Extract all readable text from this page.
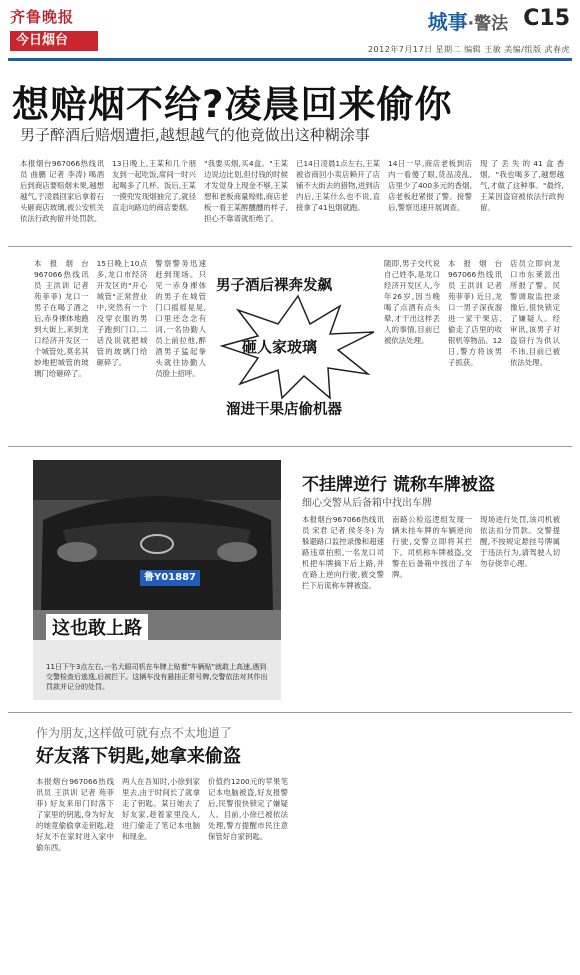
齐鲁晚报
今日烟台
城事·警法 C15
2012年7月17日 星期二 编辑 王敏 美编/组版 武春虎
想赔烟不给?凌晨回来偷你
男子醉酒后赔烟遭拒,越想越气的他竟做出这种糊涂事
本报烟台967066热线讯员 曲鹏 记者 李涛) 喝酒后到商店要赔烟未果,越想越气,于凌晨回家后拿着石头砸商店玻璃,被公安机关依法行政拘留并处罚款。
13日晚上,王某和几个朋友到一起吃饭,席间一时兴起喝多了几杯。饭后,王某一摸兜发现烟抽完了,就径直走向路边的商店要烟。
"我要买烟,买4盒。"王某边说边比划,但付钱的时候才发觉身上现金不够,王某想和老板商量赊账,商店老板一看王某醉醺醺的样子,担心不靠谱就拒绝了。
已14日凌晨1点左右,王某被省商回小卖店赖开了店铺不大街去的猎物,进到店内后,王某什么也不说,直接拿了41包烟就跑。
14日一早,商店老板到店内一看傻了眼,货品凌乱,店里少了400多元的香烟,店老板赶紧报了警。接警后,警察迅速开展调查。
现了丢失的41盒香烟。"我也喝多了,越想越气,才做了这种事。"最终,王某因盗窃被依法行政拘留。
本报烟台967066热线讯员 王洪训 记者 苑菲菲) 龙口一男子在喝了酒之后,赤身裸体地跑到大街上,来到龙口经济开发区一个城管处,莫名其妙地把城管的玻璃门给砸碎了。
15日晚上10点多,龙口市经济开发区的"开心城管"正常营业中,突然有一个没穿衣服的男子跑到门口,二话没说就把城管的玻璃门给砸碎了。
警察警务迅速赶到现场。只见一赤身裸体的男子在城管门口摇摇晃晃,口里还念念有词,一名协勤人员上前拉他,醉酒男子猛起拳头就往协勤人员脸上招呼。
男子酒后裸奔发飙
砸人家玻璃
溜进干果店偷机器
随即,男子交代说自己姓李,是龙口经济开发区人,今年26岁,因当晚喝了点酒有点头晕,才干出这样丢人的事情,目前已被依法处理。
本报烟台967066热线讯员 王洪训 记者 苑菲菲) 近日,龙口一男子深夜溜进一家干果店,偷走了店里的收银机等物品。12日,警方将该男子抓获。
店员立即向龙口市东莱派出所报了警。民警调取监控录像后,很快锁定了嫌疑人。经审讯,该男子对盗窃行为供认不讳,目前已被依法处理。
鲁Y01887
这也敢上路
11日下午3点左右,一名大眼司机在车牌上贴着"车辆贴"就敢上高速,遇到交警检查后逃逸,后被拦下。这辆车没有悬挂正常号牌,交警依法对其作出罚款并记分的处罚。
不挂牌逆行 谎称车牌被盗
细心交警从后备箱中找出车牌
本报烟台967066热线讯员 宋君 记者 侯冬冬) 为躲避路口监控录像和超速路违章拍照,一名龙口司机把车牌摘下后上路,并在路上逆向行驶,被交警拦下后谎称车牌被盗。
南路公检巡逻组发现一辆未挂车牌的车辆逆向行驶,交警立即将其拦下。司机称车牌被盗,交警在后备箱中找出了车牌。
现场进行处罚,该司机被依法扣分罚款。交警提醒,不按规定悬挂号牌属于违法行为,请驾驶人切勿存侥幸心理。
作为朋友,这样做可就有点不太地道了
好友落下钥匙,她拿来偷盗
本报烟台967066热线讯员 王洪训 记者 苑菲菲) 好友来串门时落下了家里的钥匙,身为好友的她竟偷偷拿走钥匙,趁好友不在家时进入家中偷东西。
两人在吾知时,小徐到家里去,由于时间长了就拿走了钥匙。某日她去了好友家,趁着家里没人,进门偷走了笔记本电脑和现金。
价值约1200元的苹果笔记本电脑被盗,好友报警后,民警很快锁定了嫌疑人。目前,小徐已被依法处理,警方提醒市民注意保管好自家钥匙。
